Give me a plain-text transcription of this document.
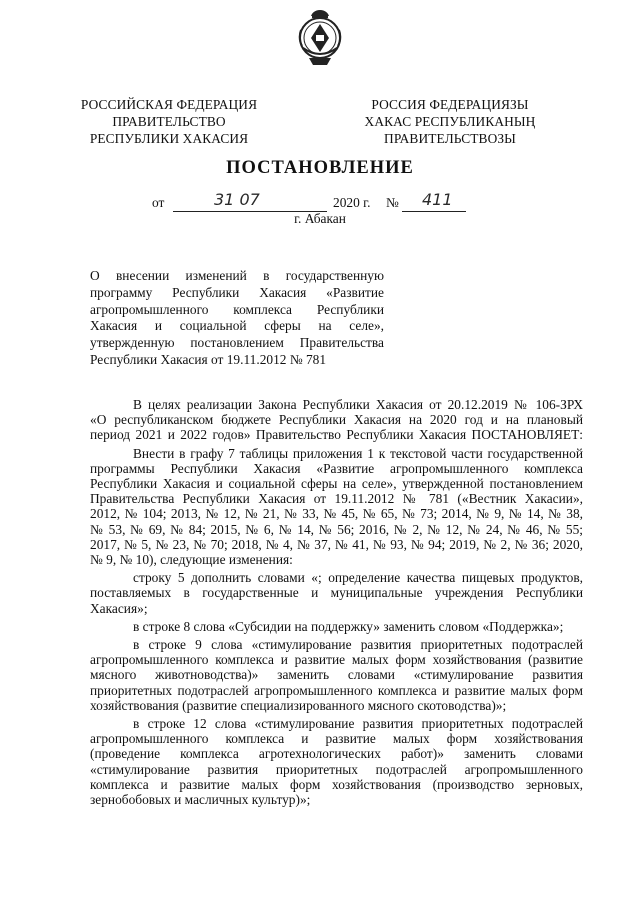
РОССИЙСКАЯ ФЕДЕРАЦИЯ
ПРАВИТЕЛЬСТВО
РЕСПУБЛИКИ ХАКАСИЯ
РОССИЯ ФЕДЕРАЦИЯЗЫ
ХАКАС РЕСПУБЛИКАНЫҢ
ПРАВИТЕЛЬСТВОЗЫ
ПОСТАНОВЛЕНИЕ
от	31 07	2020 г. № 411
г. Абакан
О внесении изменений в государственную
программу Республики Хакасия «Развитие
агропромышленного комплекса Республики
Хакасия и социальной сферы на селе»,
утвержденную постановлением Правительства
Республики Хакасия от 19.11.2012 № 781
В целях реализации Закона Республики Хакасия от 20.12.2019 № 106-ЗРХ
«О республиканском бюджете Республики Хакасия на 2020 год и на плановый
период 2021 и 2022 годов» Правительство Республики Хакасия ПОСТАНОВЛЯЕТ:
Внести в графу 7 таблицы приложения 1 к текстовой части государственной
программы Республики Хакасия «Развитие агропромышленного комплекса
Республики Хакасия и социальной сферы на селе», утвержденной постановлением
Правительства Республики Хакасия от 19.11.2012 № 781 («Вестник Хакасии»,
2012, № 104; 2013, № 12, № 21, № 33, № 45, № 65, № 73; 2014, № 9, № 14, № 38,
№ 53, № 69, № 84; 2015, № 6, № 14, № 56; 2016, № 2, № 12, № 24, № 46, № 55;
2017, № 5, № 23, № 70; 2018, № 4, № 37, № 41, № 93, № 94; 2019, № 2, № 36; 2020,
№ 9, № 10), следующие изменения:
строку 5 дополнить словами «; определение качества пищевых продуктов,
поставляемых в государственные и муниципальные учреждения Республики
Хакасия»;
в строке 8 слова «Субсидии на поддержку» заменить словом «Поддержка»;
в строке 9 слова «стимулирование развития приоритетных подотраслей
агропромышленного комплекса и развитие малых форм хозяйствования (развитие
мясного животноводства)» заменить словами «стимулирование развития
приоритетных подотраслей агропромышленного комплекса и развитие малых форм
хозяйствования (развитие специализированного мясного скотоводства)»;
в строке 12 слова «стимулирование развития приоритетных подотраслей
агропромышленного комплекса и развитие малых форм хозяйствования
(проведение комплекса агротехнологических работ)» заменить словами
«стимулирование развития приоритетных подотраслей агропромышленного
комплекса и развитие малых форм хозяйствования (производство зерновых,
зернобобовых и масличных культур)»;
